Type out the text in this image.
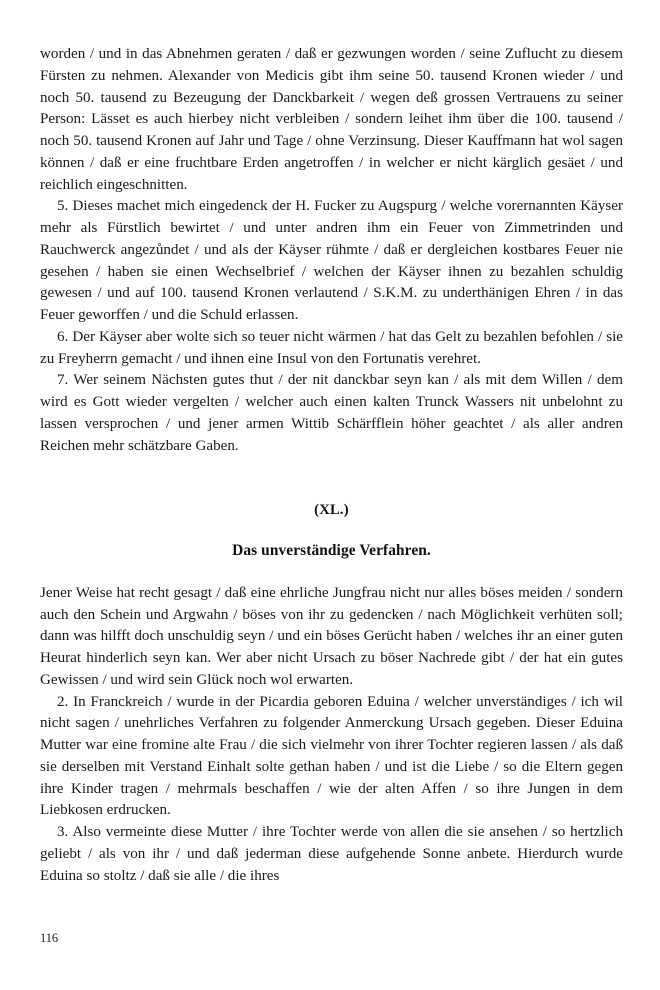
worden / und in das Abnehmen geraten / daß er gezwungen worden / seine Zuflucht zu diesem Fürsten zu nehmen. Alexander von Medicis gibt ihm seine 50. tausend Kronen wieder / und noch 50. tausend zu Bezeugung der Danckbarkeit / wegen deß grossen Vertrauens zu seiner Person: Lässet es auch hierbey nicht verbleiben / sondern leihet ihm über die 100. tausend / noch 50. tausend Kronen auf Jahr und Tage / ohne Verzinsung. Dieser Kauffmann hat wol sagen können / daß er eine fruchtbare Erden angetroffen / in welcher er nicht kärglich gesäet / und reichlich eingeschnitten.

5. Dieses machet mich eingedenck der H. Fucker zu Augspurg / welche vorernannten Käyser mehr als Fürstlich bewirtet / und unter andren ihm ein Feuer von Zimmetrinden und Rauchwerck angezůndet / und als der Käyser rühmte / daß er dergleichen kostbares Feuer nie gesehen / haben sie einen Wechselbrief / welchen der Käyser ihnen zu bezahlen schuldig gewesen / und auf 100. tausend Kronen verlautend / S.K.M. zu underthänigen Ehren / in das Feuer geworffen / und die Schuld erlassen.

6. Der Käyser aber wolte sich so teuer nicht wärmen / hat das Gelt zu bezahlen befohlen / sie zu Freyherrn gemacht / und ihnen eine Insul von den Fortunatis verehret.

7. Wer seinem Nächsten gutes thut / der nit danckbar seyn kan / als mit dem Willen / dem wird es Gott wieder vergelten / welcher auch einen kalten Trunck Wassers nit unbelohnt zu lassen versprochen / und jener armen Wittib Schärfflein höher geachtet / als aller andren Reichen mehr schätzbare Gaben.

(XL.)

Das unverständige Verfahren.

Jener Weise hat recht gesagt / daß eine ehrliche Jungfrau nicht nur alles böses meiden / sondern auch den Schein und Argwahn / böses von ihr zu gedencken / nach Möglichkeit verhüten soll; dann was hilfft doch unschuldig seyn / und ein böses Gerücht haben / welches ihr an einer guten Heurat hinderlich seyn kan. Wer aber nicht Ursach zu böser Nachrede gibt / der hat ein gutes Gewissen / und wird sein Glück noch wol erwarten.

2. In Franckreich / wurde in der Picardia geboren Eduina / welcher unverständiges / ich wil nicht sagen / unehrliches Verfahren zu folgender Anmerckung Ursach gegeben. Dieser Eduina Mutter war eine fromine alte Frau / die sich vielmehr von ihrer Tochter regieren lassen / als daß sie derselben mit Verstand Einhalt solte gethan haben / und ist die Liebe / so die Eltern gegen ihre Kinder tragen / mehrmals beschaffen / wie der alten Affen / so ihre Jungen in dem Liebkosen erdrucken.

3. Also vermeinte diese Mutter / ihre Tochter werde von allen die sie ansehen / so hertzlich geliebt / als von ihr / und daß jederman diese aufgehende Sonne anbete. Hierdurch wurde Eduina so stoltz / daß sie alle / die ihres

116
